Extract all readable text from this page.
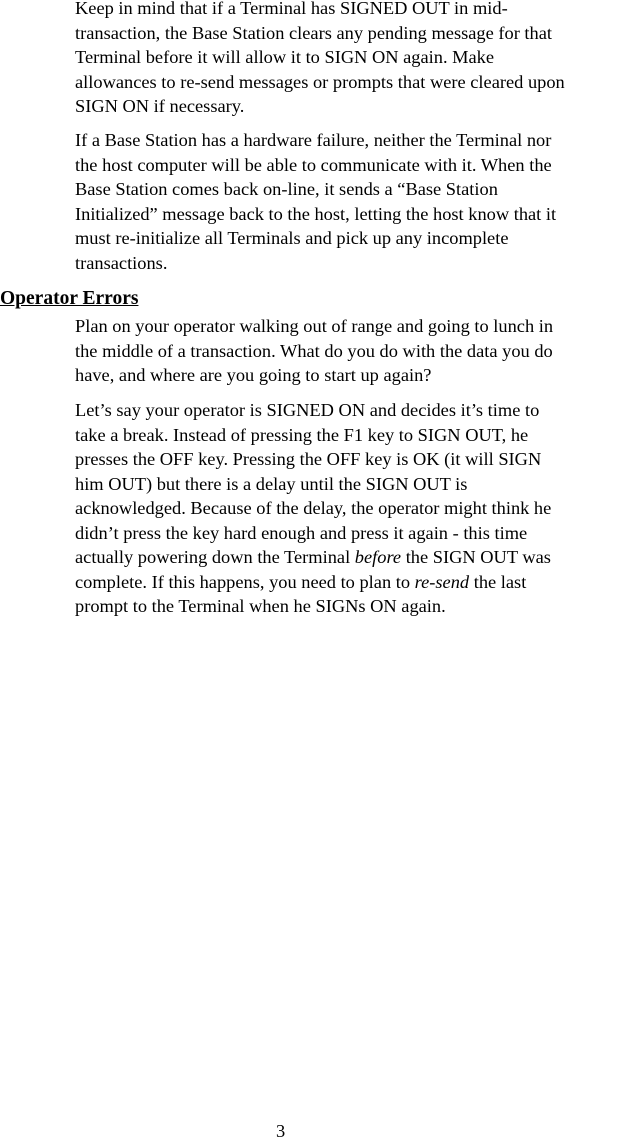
Keep in mind that if a Terminal has SIGNED OUT in mid-
transaction, the Base Station clears any pending message for that
Terminal before it will allow it to SIGN ON again. Make
allowances to re-send messages or prompts that were cleared upon
SIGN ON if necessary.

If a Base Station has a hardware failure, neither the Terminal nor
the host computer will be able to communicate with it. When the
Base Station comes back on-line, it sends a “Base Station
Initialized” message back to the host, letting the host know that it
must re-initialize all Terminals and pick up any incomplete
transactions.

Operator Errors

Plan on your operator walking out of range and going to lunch in
the middle of a transaction. What do you do with the data you do
have, and where are you going to start up again?

Let’s say your operator is SIGNED ON and decides it’s time to
take a break. Instead of pressing the F1 key to SIGN OUT, he
presses the OFF key. Pressing the OFF key is OK (it will SIGN
him OUT) but there is a delay until the SIGN OUT is
acknowledged. Because of the delay, the operator might think he
didn’t press the key hard enough and press it again - this time
actually powering down the Terminal before the SIGN OUT was
complete. If this happens, you need to plan to re-send the last
prompt to the Terminal when he SIGNs ON again.

3
